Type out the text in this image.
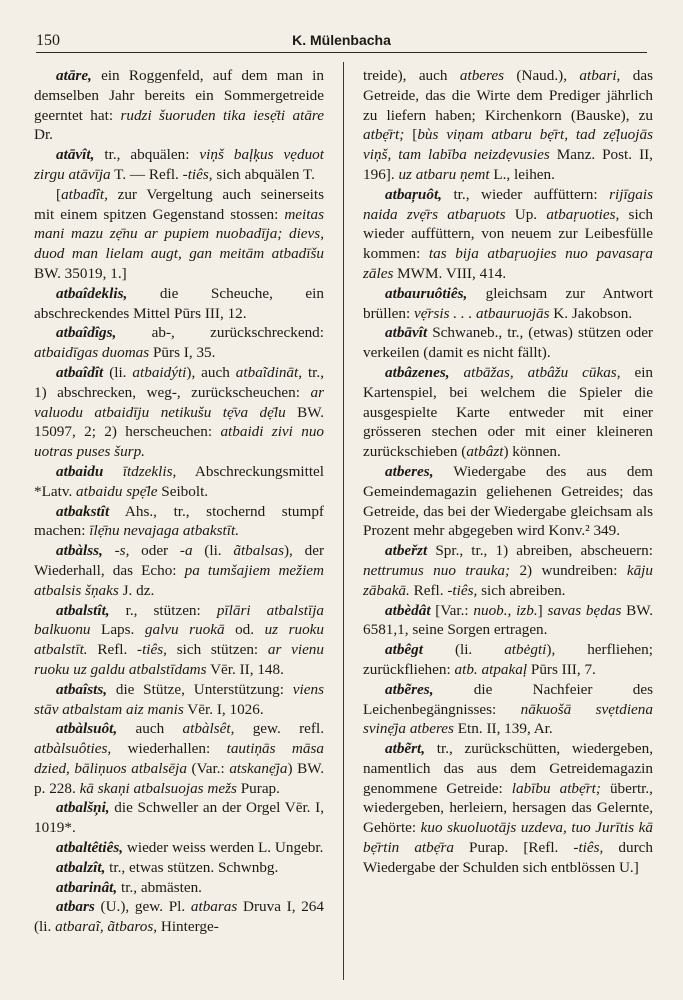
150	K. Mülenbacha

atāre, ein Roggenfeld, auf dem man in demselben Jahr bereits ein Sommergetreide geerntet hat: rudzi šuoruden tika iesẹ̄ti atāre Dr.

atāvît, tr., abquälen: viņš baļķus vẹduot zirgu atāvīja T. — Refl. -tiês, sich abquälen T.

[atbadît, zur Vergeltung auch seinerseits mit einem spitzen Gegenstand stossen: meitas mani mazu zẹ̄nu ar pupiem nuobadīja; dievs, duod man lielam augt, gan meitām atbadīšu BW. 35019, 1.]

atbaîdeklis, die Scheuche, ein abschreckendes Mittel Pūrs III, 12.

atbaîdîgs, ab-, zurückschreckend: atbaidīgas duomas Pūrs I, 35.

atbaîdît (li. atbaidýti), auch atbaĩdināt, tr., 1) abschrecken, weg-, zurückscheuchen: ar valuodu atbaidīju netikušu tẹ̄va dẹ̄lu BW. 15097, 2; 2) herscheuchen: atbaidi zivi nuo uotras puses šurp.

atbaidu ītdzeklis, Abschreckungsmittel *Latv. atbaidu spẹ̄le Seibolt.

atbakstît Ahs., tr., stochernd stumpf machen: īlẹ̄nu nevajaga atbakstīt.

atbàlss, -s, oder -a (li. ãtbalsas), der Wiederhall, das Echo: pa tumšajiem mežiem atbalsis šņaks J. dz.

atbalstît, r., stützen: pīlāri atbalstīja balkuonu Laps. galvu ruokā od. uz ruoku atbalstīt. Refl. -tiês, sich stützen: ar vienu ruoku uz galdu atbalstīdams Vēr. II, 148.

atbaîsts, die Stütze, Unterstützung: viens stāv atbalstam aiz manis Vēr. I, 1026.

atbàlsuôt, auch atbàlsêt, gew. refl. atbàlsuôties, wiederhallen: tautiņās māsa dzied, bāliņuos atbalsēja (Var.: atskanẹ̄ja) BW. p. 228. kā skaņi atbalsuojas mežs Purap.

atbalšņi, die Schweller an der Orgel Vēr. I, 1019*.

atbaltêtiês, wieder weiss werden L. Ungebr.

atbalzît, tr., etwas stützen. Schwnbg.

atbarinât, tr., abmästen.

atbars (U.), gew. Pl. atbaras Druva I, 264 (li. atbaraĩ, ãtbaros, Hinterge-

treide), auch atberes (Naud.), atbari, das Getreide, das die Wirte dem Prediger jährlich zu liefern haben; Kirchenkorn (Bauske), zu atbẹ̄rt; [bùs viņam atbaru bẹ̄rt, tad zẹ̄ļuojās viņš, tam labība neizdẹvusies Manz. Post. II, 196]. uz atbaru ņemt L., leihen.

atbaŗuôt, tr., wieder auffüttern: rijīgais naida zvẹ̄rs atbaŗuots Up. atbaŗuoties, sich wieder auffüttern, von neuem zur Leibesfülle kommen: tas bija atbaŗuojies nuo pavasaŗa zāles MWM. VIII, 414.

atbauruôtiês, gleichsam zur Antwort brüllen: vẹ̄rsis . . . atbauruojās K. Jakobson.

atbāvît Schwaneb., tr., (etwas) stützen oder verkeilen (damit es nicht fällt).

atbâzenes, atbāžas, atbâžu cūkas, ein Kartenspiel, bei welchem die Spieler die ausgespielte Karte entweder mit einer grösseren stechen oder mit einer kleineren zurückschieben (atbâzt) können.

atberes, Wiedergabe des aus dem Gemeindemagazin geliehenen Getreides; das Getreide, das bei der Wiedergabe gleichsam als Prozent mehr abgegeben wird Konv.² 349.

atbeřzt Spr., tr., 1) abreiben, abscheuern: nettrumus nuo trauka; 2) wundreiben: kāju zābakā. Refl. -tiês, sich abreiben.

atbèdât [Var.: nuob., izb.] savas bẹdas BW. 6581,1, seine Sorgen ertragen.

atbêgt (li. atbėgti), herfliehen; zurückfliehen: atb. atpakaļ Pūrs III, 7.

atbẽres, die Nachfeier des Leichenbegängnisses: nākuošā svẹtdiena svinẹ̄ja atberes Etn. II, 139, Ar.

atbẽrt, tr., zurückschütten, wiedergeben, namentlich das aus dem Getreidemagazin genommene Getreide: labību atbẹ̄rt; übertr., wiedergeben, herleiern, hersagen das Gelernte, Gehörte: kuo skuoluotājs uzdeva, tuo Jurītis kā bẹ̄rtin atbẹ̄ra Purap. [Refl. -tiês, durch Wiedergabe der Schulden sich entblössen U.]
